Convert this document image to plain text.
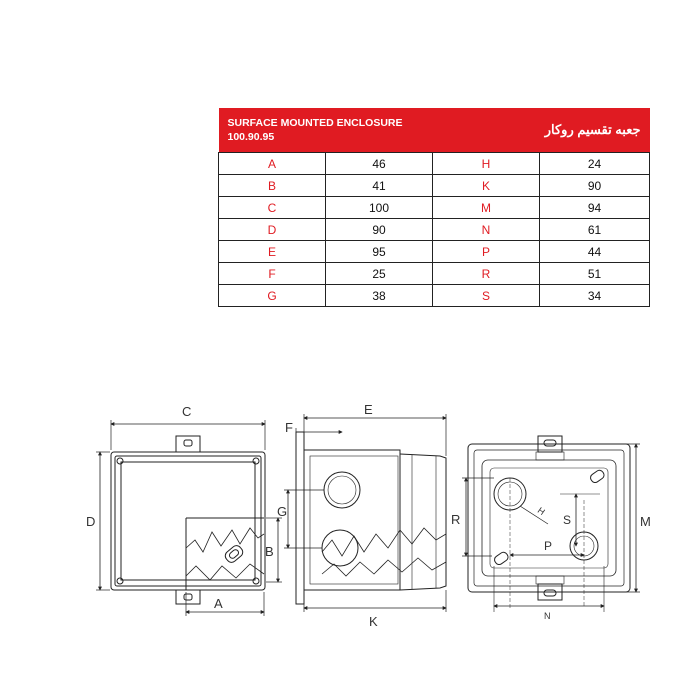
SURFACE MOUNTED ENCLOSURE
100.90.95		جعبه تقسیم روکار	
A	46	H	24
B	41	K	90
C	100	M	94
D	90	N	61
E	95	P	44
F	25	R	51
G	38	S	34
C
D
A
B
F
E
G
K
R	M
N
S
P
H
